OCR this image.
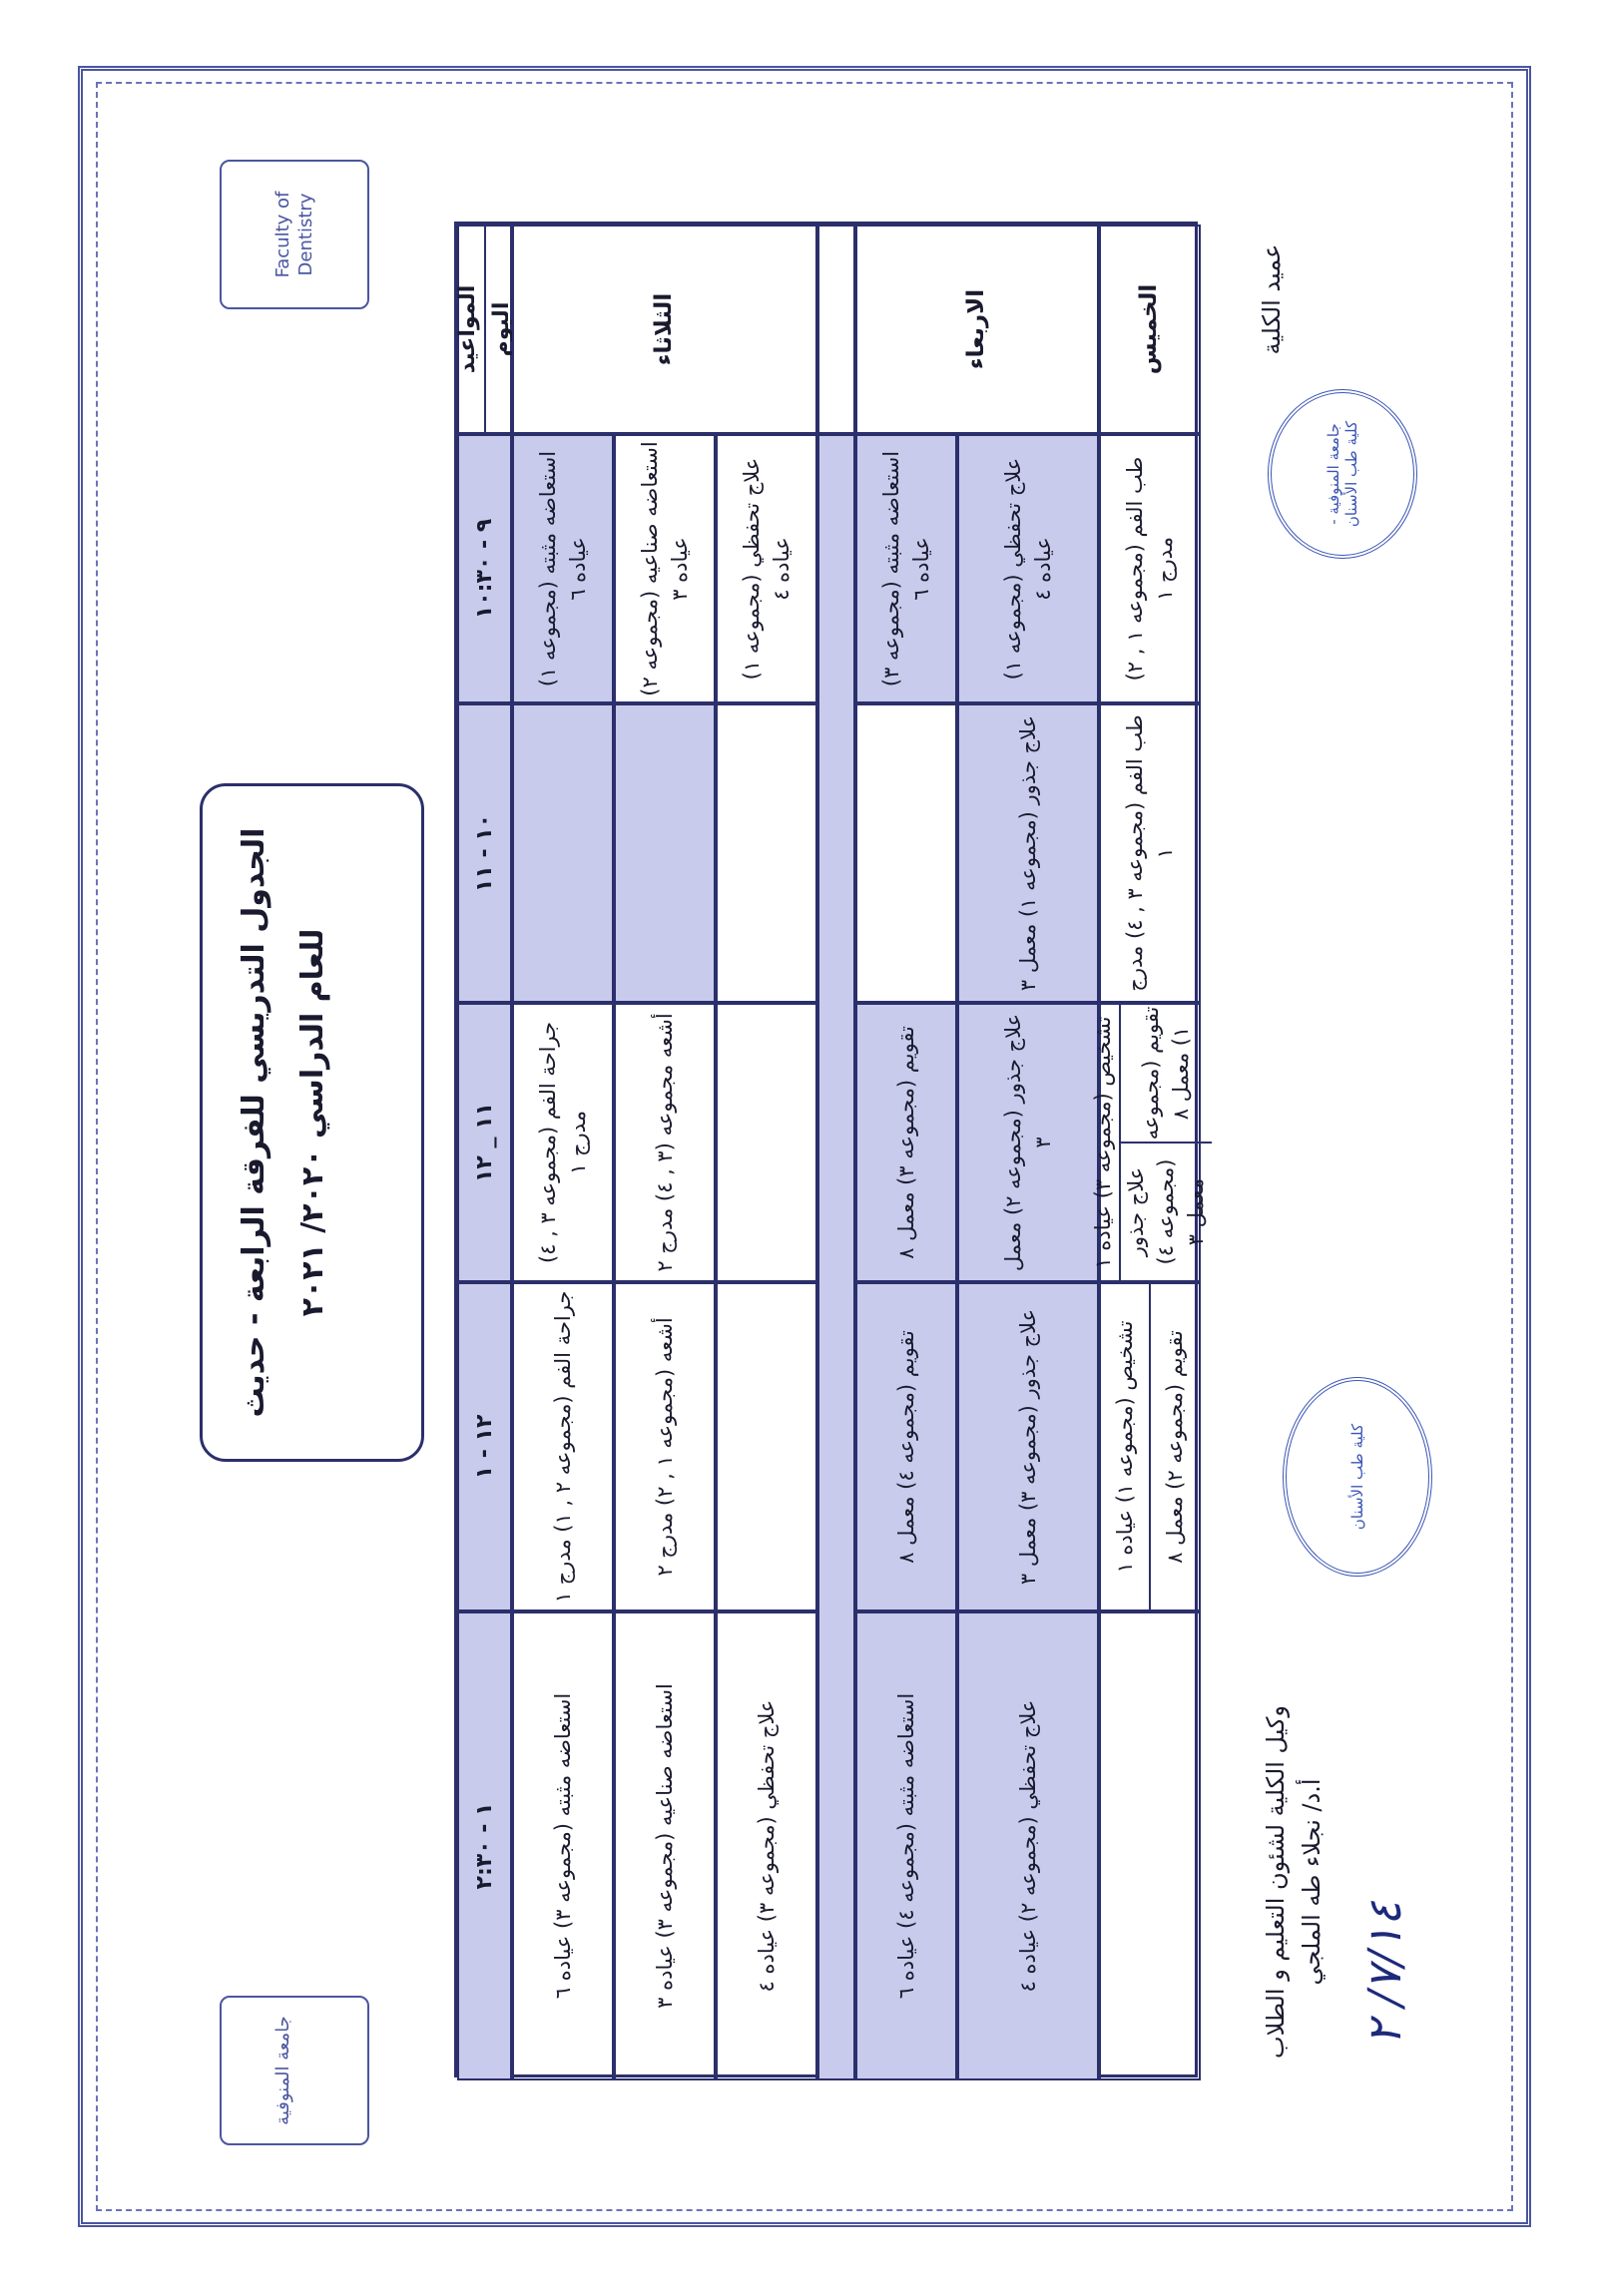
جامعة المنوفية
Faculty of Dentistry
الجدول التدريسي للفرقة الرابعة - حديث للعام الدراسي ٢٠٢٠/ ٢٠٢١
المواعيد اليوم
٩ - ١٠:٣٠
١٠ - ١١
١١ _ ١٢
١٢ - ١
١ - ٢:٣٠
الثلاثاء
استعاضه مثبته (مجموعه ١) عياده ٦
جراحة الفم (مجموعه ٣ , ٤) مدرج ١
جراحة الفم (مجموعه ٢ , ١) مدرج ١
استعاضه مثبته (مجموعه ٣) عياده ٦
استعاضه صناعيه (مجموعه ٢) عياده ٣
أشعه مجموعه (٣ , ٤) مدرج ٢
أشعه (مجموعه ١ , ٢) مدرج ٢
استعاضه صناعيه (مجموعه ٣) عياده ٣
علاج تحفظي (مجموعه ١) عياده ٤
علاج تحفظي (مجموعه ٣) عياده ٤
الاربعاء
استعاضه مثبته (مجموعه ٣) عياده ٦
تقويم (مجموعه ٣) معمل ٨
تقويم (مجموعه ٤) معمل ٨
استعاضه مثبته (مجموعه ٤) عياده ٦
علاج تحفظي (مجموعه ١) عياده ٤
علاج جذور (مجموعه ١) معمل ٣
علاج جذور (مجموعه ٢) معمل ٣
علاج جذور (مجموعه ٣) معمل ٣
علاج تحفظي (مجموعه ٢) عياده ٤
الخميس
طب الفم (مجموعه ١ , ٢) مدرج ١
طب الفم (مجموعه ٣ , ٤) مدرج ١
تشخيص (مجموعه ٣) عياده ١	تقويم (مجموعه ١) معمل ٨
علاج جذور (مجموعه ٤) معمل ٣
تشخيص (مجموعه ١) عياده ١
تقويم (مجموعه ٢) معمل ٨
وكيل الكلية لشئون التعليم و الطلاب أ.د/ نجلاء طه الملجي
٧/١٤/ ٢
كلية طب الأسنان
عميد الكلية
جامعة المنوفية - كلية طب الأسنان
